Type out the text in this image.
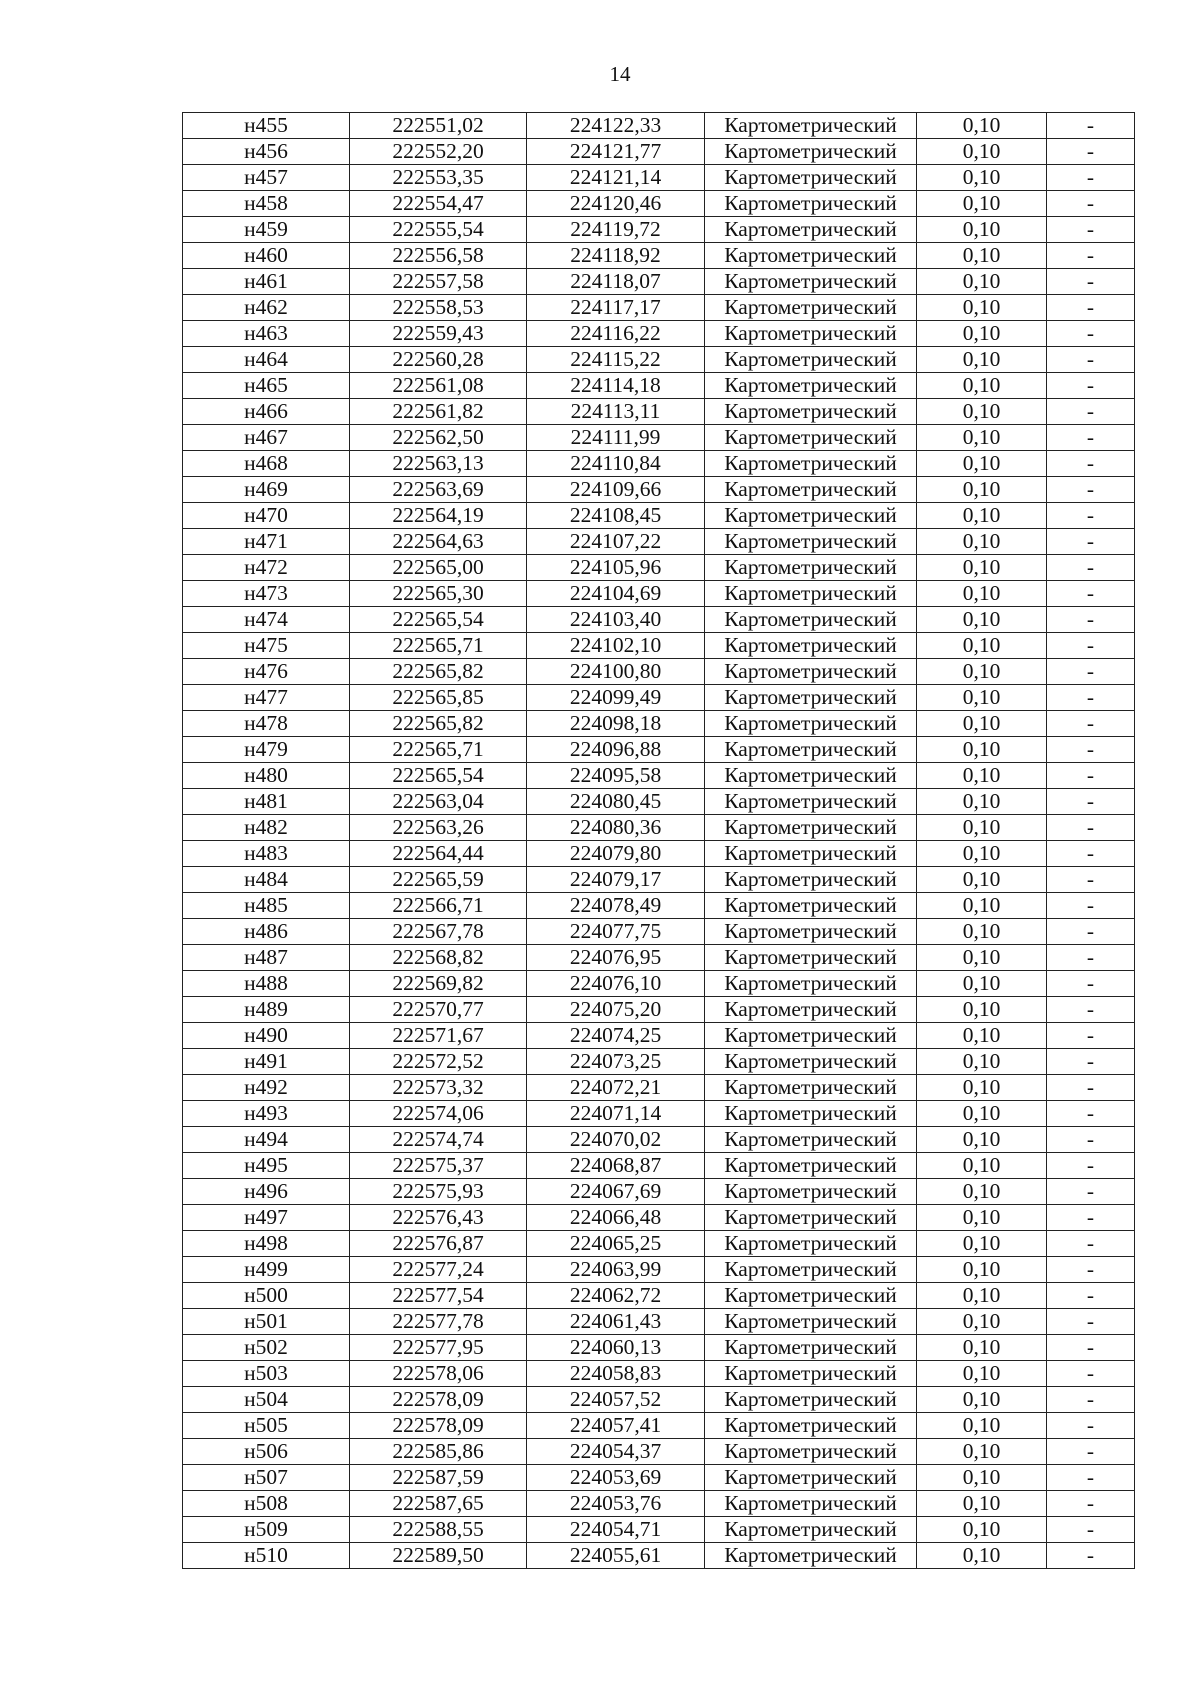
14
н455	222551,02	224122,33	Картометрический	0,10	-
н456	222552,20	224121,77	Картометрический	0,10	-
н457	222553,35	224121,14	Картометрический	0,10	-
н458	222554,47	224120,46	Картометрический	0,10	-
н459	222555,54	224119,72	Картометрический	0,10	-
н460	222556,58	224118,92	Картометрический	0,10	-
н461	222557,58	224118,07	Картометрический	0,10	-
н462	222558,53	224117,17	Картометрический	0,10	-
н463	222559,43	224116,22	Картометрический	0,10	-
н464	222560,28	224115,22	Картометрический	0,10	-
н465	222561,08	224114,18	Картометрический	0,10	-
н466	222561,82	224113,11	Картометрический	0,10	-
н467	222562,50	224111,99	Картометрический	0,10	-
н468	222563,13	224110,84	Картометрический	0,10	-
н469	222563,69	224109,66	Картометрический	0,10	-
н470	222564,19	224108,45	Картометрический	0,10	-
н471	222564,63	224107,22	Картометрический	0,10	-
н472	222565,00	224105,96	Картометрический	0,10	-
н473	222565,30	224104,69	Картометрический	0,10	-
н474	222565,54	224103,40	Картометрический	0,10	-
н475	222565,71	224102,10	Картометрический	0,10	-
н476	222565,82	224100,80	Картометрический	0,10	-
н477	222565,85	224099,49	Картометрический	0,10	-
н478	222565,82	224098,18	Картометрический	0,10	-
н479	222565,71	224096,88	Картометрический	0,10	-
н480	222565,54	224095,58	Картометрический	0,10	-
н481	222563,04	224080,45	Картометрический	0,10	-
н482	222563,26	224080,36	Картометрический	0,10	-
н483	222564,44	224079,80	Картометрический	0,10	-
н484	222565,59	224079,17	Картометрический	0,10	-
н485	222566,71	224078,49	Картометрический	0,10	-
н486	222567,78	224077,75	Картометрический	0,10	-
н487	222568,82	224076,95	Картометрический	0,10	-
н488	222569,82	224076,10	Картометрический	0,10	-
н489	222570,77	224075,20	Картометрический	0,10	-
н490	222571,67	224074,25	Картометрический	0,10	-
н491	222572,52	224073,25	Картометрический	0,10	-
н492	222573,32	224072,21	Картометрический	0,10	-
н493	222574,06	224071,14	Картометрический	0,10	-
н494	222574,74	224070,02	Картометрический	0,10	-
н495	222575,37	224068,87	Картометрический	0,10	-
н496	222575,93	224067,69	Картометрический	0,10	-
н497	222576,43	224066,48	Картометрический	0,10	-
н498	222576,87	224065,25	Картометрический	0,10	-
н499	222577,24	224063,99	Картометрический	0,10	-
н500	222577,54	224062,72	Картометрический	0,10	-
н501	222577,78	224061,43	Картометрический	0,10	-
н502	222577,95	224060,13	Картометрический	0,10	-
н503	222578,06	224058,83	Картометрический	0,10	-
н504	222578,09	224057,52	Картометрический	0,10	-
н505	222578,09	224057,41	Картометрический	0,10	-
н506	222585,86	224054,37	Картометрический	0,10	-
н507	222587,59	224053,69	Картометрический	0,10	-
н508	222587,65	224053,76	Картометрический	0,10	-
н509	222588,55	224054,71	Картометрический	0,10	-
н510	222589,50	224055,61	Картометрический	0,10	-
